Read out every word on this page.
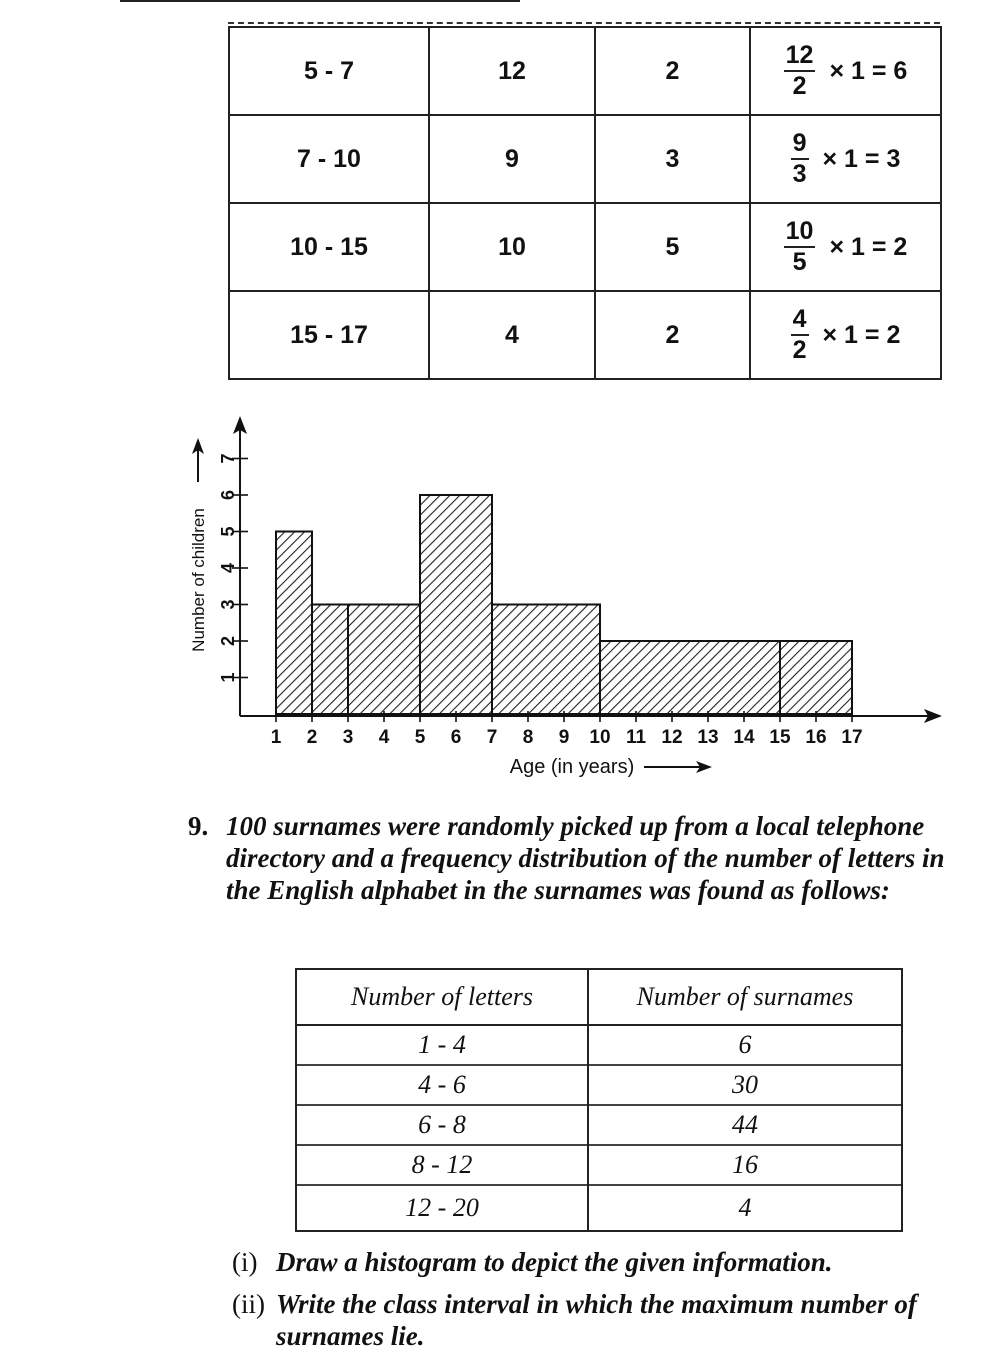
5 - 7	12	2	$\frac{12}{2} \times 1 = 6$

7 - 10	9	3	$\frac{9}{3} \times 1 = 3$

10 - 15	10	5	$\frac{10}{5} \times 1 = 2$

15 - 17	4	2	$\frac{4}{2} \times 1 = 2$
1 2 3 4 5 6 7 8 9 10 11 12 13 14 15 16 17
1
2
3
4
5
6
7
Age (in years)
Number of children
9. 100 surnames were randomly picked up from a local telephone directory and a frequency distribution of the number of letters in the English alphabet in the surnames was found as follows:
Number of letters	Number of surnames
1 - 4	6
4 - 6	30
6 - 8	44
8 - 12	16
12 - 20	4
(i) Draw a histogram to depict the given information.
(ii) Write the class interval in which the maximum number of surnames lie.
